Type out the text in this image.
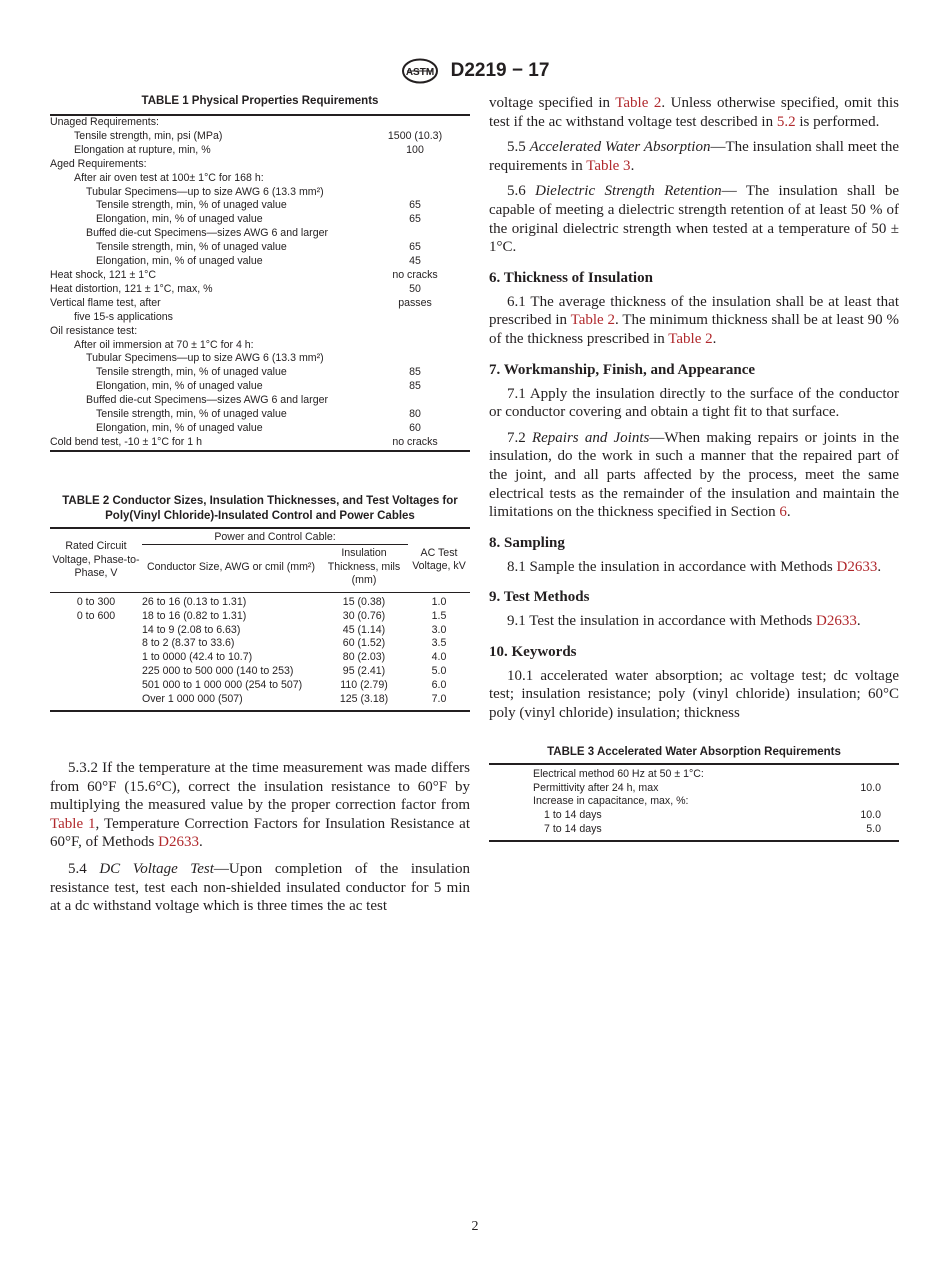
ASTM D2219 − 17
TABLE 1 Physical Properties Requirements
Unaged Requirements:	
Tensile strength, min, psi (MPa)	1500 (10.3)
Elongation at rupture, min, %	100
Aged Requirements:	
After air oven test at 100± 1°C for 168 h:	
Tubular Specimens—up to size AWG 6 (13.3 mm²)	
Tensile strength, min, % of unaged value	65
Elongation, min, % of unaged value	65
Buffed die-cut Specimens—sizes AWG 6 and larger	
Tensile strength, min, % of unaged value	65
Elongation, min, % of unaged value	45
Heat shock, 121 ± 1°C	no cracks
Heat distortion, 121 ± 1°C, max, %	50
Vertical flame test, after	passes
five 15-s applications	
Oil resistance test:	
After oil immersion at 70 ± 1°C for 4 h:	
Tubular Specimens—up to size AWG 6 (13.3 mm²)	
Tensile strength, min, % of unaged value	85
Elongation, min, % of unaged value	85
Buffed die-cut Specimens—sizes AWG 6 and larger	
Tensile strength, min, % of unaged value	80
Elongation, min, % of unaged value	60
Cold bend test, -10 ± 1°C for 1 h	no cracks
TABLE 2 Conductor Sizes, Insulation Thicknesses, and Test Voltages for Poly(Vinyl Chloride)-Insulated Control and Power Cables
Rated Circuit Voltage, Phase-to-Phase, V	Power and Control Cable:		AC Test Voltage, kV
	Conductor Size, AWG or cmil (mm²)	Insulation Thickness, mils (mm)	

0 to 300	26 to 16 (0.13 to 1.31)	15 (0.38)	1.0
0 to 600	18 to 16 (0.82 to 1.31)	30 (0.76)	1.5
	14 to 9 (2.08 to 6.63)	45 (1.14)	3.0
	8 to 2 (8.37 to 33.6)	60 (1.52)	3.5
	1 to 0000 (42.4 to 10.7)	80 (2.03)	4.0
	225 000 to 500 000 (140 to 253)	95 (2.41)	5.0
	501 000 to 1 000 000 (254 to 507)	110 (2.79)	6.0
	Over 1 000 000 (507)	125 (3.18)	7.0

5.3.2 If the temperature at the time measurement was made differs from 60°F (15.6°C), correct the insulation resistance to 60°F by multiplying the measured value by the proper correction factor from Table 1, Temperature Correction Factors for Insulation Resistance at 60°F, of Methods D2633.

5.4 DC Voltage Test—Upon completion of the insulation resistance test, test each non-shielded insulated conductor for 5 min at a dc withstand voltage which is three times the ac test

voltage specified in Table 2. Unless otherwise specified, omit this test if the ac withstand voltage test described in 5.2 is performed.

5.5 Accelerated Water Absorption—The insulation shall meet the requirements in Table 3.

5.6 Dielectric Strength Retention— The insulation shall be capable of meeting a dielectric strength retention of at least 50 % of the original dielectric strength when tested at a temperature of 50 ± 1°C.

6. Thickness of Insulation

6.1 The average thickness of the insulation shall be at least that prescribed in Table 2. The minimum thickness shall be at least 90 % of the thickness prescribed in Table 2.

7. Workmanship, Finish, and Appearance

7.1 Apply the insulation directly to the surface of the conductor or conductor covering and obtain a tight fit to that surface.

7.2 Repairs and Joints—When making repairs or joints in the insulation, do the work in such a manner that the repaired part of the joint, and all parts affected by the process, meet the same electrical tests as the remainder of the insulation and maintain the limitations on the thickness specified in Section 6.

8. Sampling

8.1 Sample the insulation in accordance with Methods D2633.

9. Test Methods

9.1 Test the insulation in accordance with Methods D2633.

10. Keywords

10.1 accelerated water absorption; ac voltage test; dc voltage test; insulation resistance; poly (vinyl chloride) insulation; 60°C poly (vinyl chloride) insulation; thickness

TABLE 3 Accelerated Water Absorption Requirements

Electrical method 60 Hz at 50 ± 1°C:	
Permittivity after 24 h, max	10.0
Increase in capacitance, max, %:	
1 to 14 days	10.0
7 to 14 days	5.0

2
